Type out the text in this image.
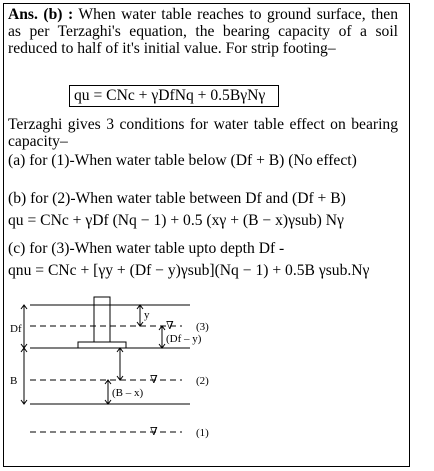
Ans. (b) : When water table reaches to ground surface, then as per Terzaghi's equation, the bearing capacity of a soil reduced to half of it's initial value. For strip footing–
qu = CNc + γDfNq + 0.5BγNγ
Terzaghi gives 3 conditions for water table effect on bearing capacity–
(a) for (1)-When water table below (Df + B) (No effect)
(b) for (2)-When water table between Df and (Df + B)
qu = CNc + γDf (Nq − 1) + 0.5 (xγ + (B − x)γsub) Nγ
(c) for (3)-When water table upto depth Df -
qnu = CNc + [γy + (Df − y)γsub](Nq − 1) + 0.5B γsub.Nγ
Df
B
y
(Df – y)
(B – x)
(3)
(2)
(1)
∇
∇
∇
